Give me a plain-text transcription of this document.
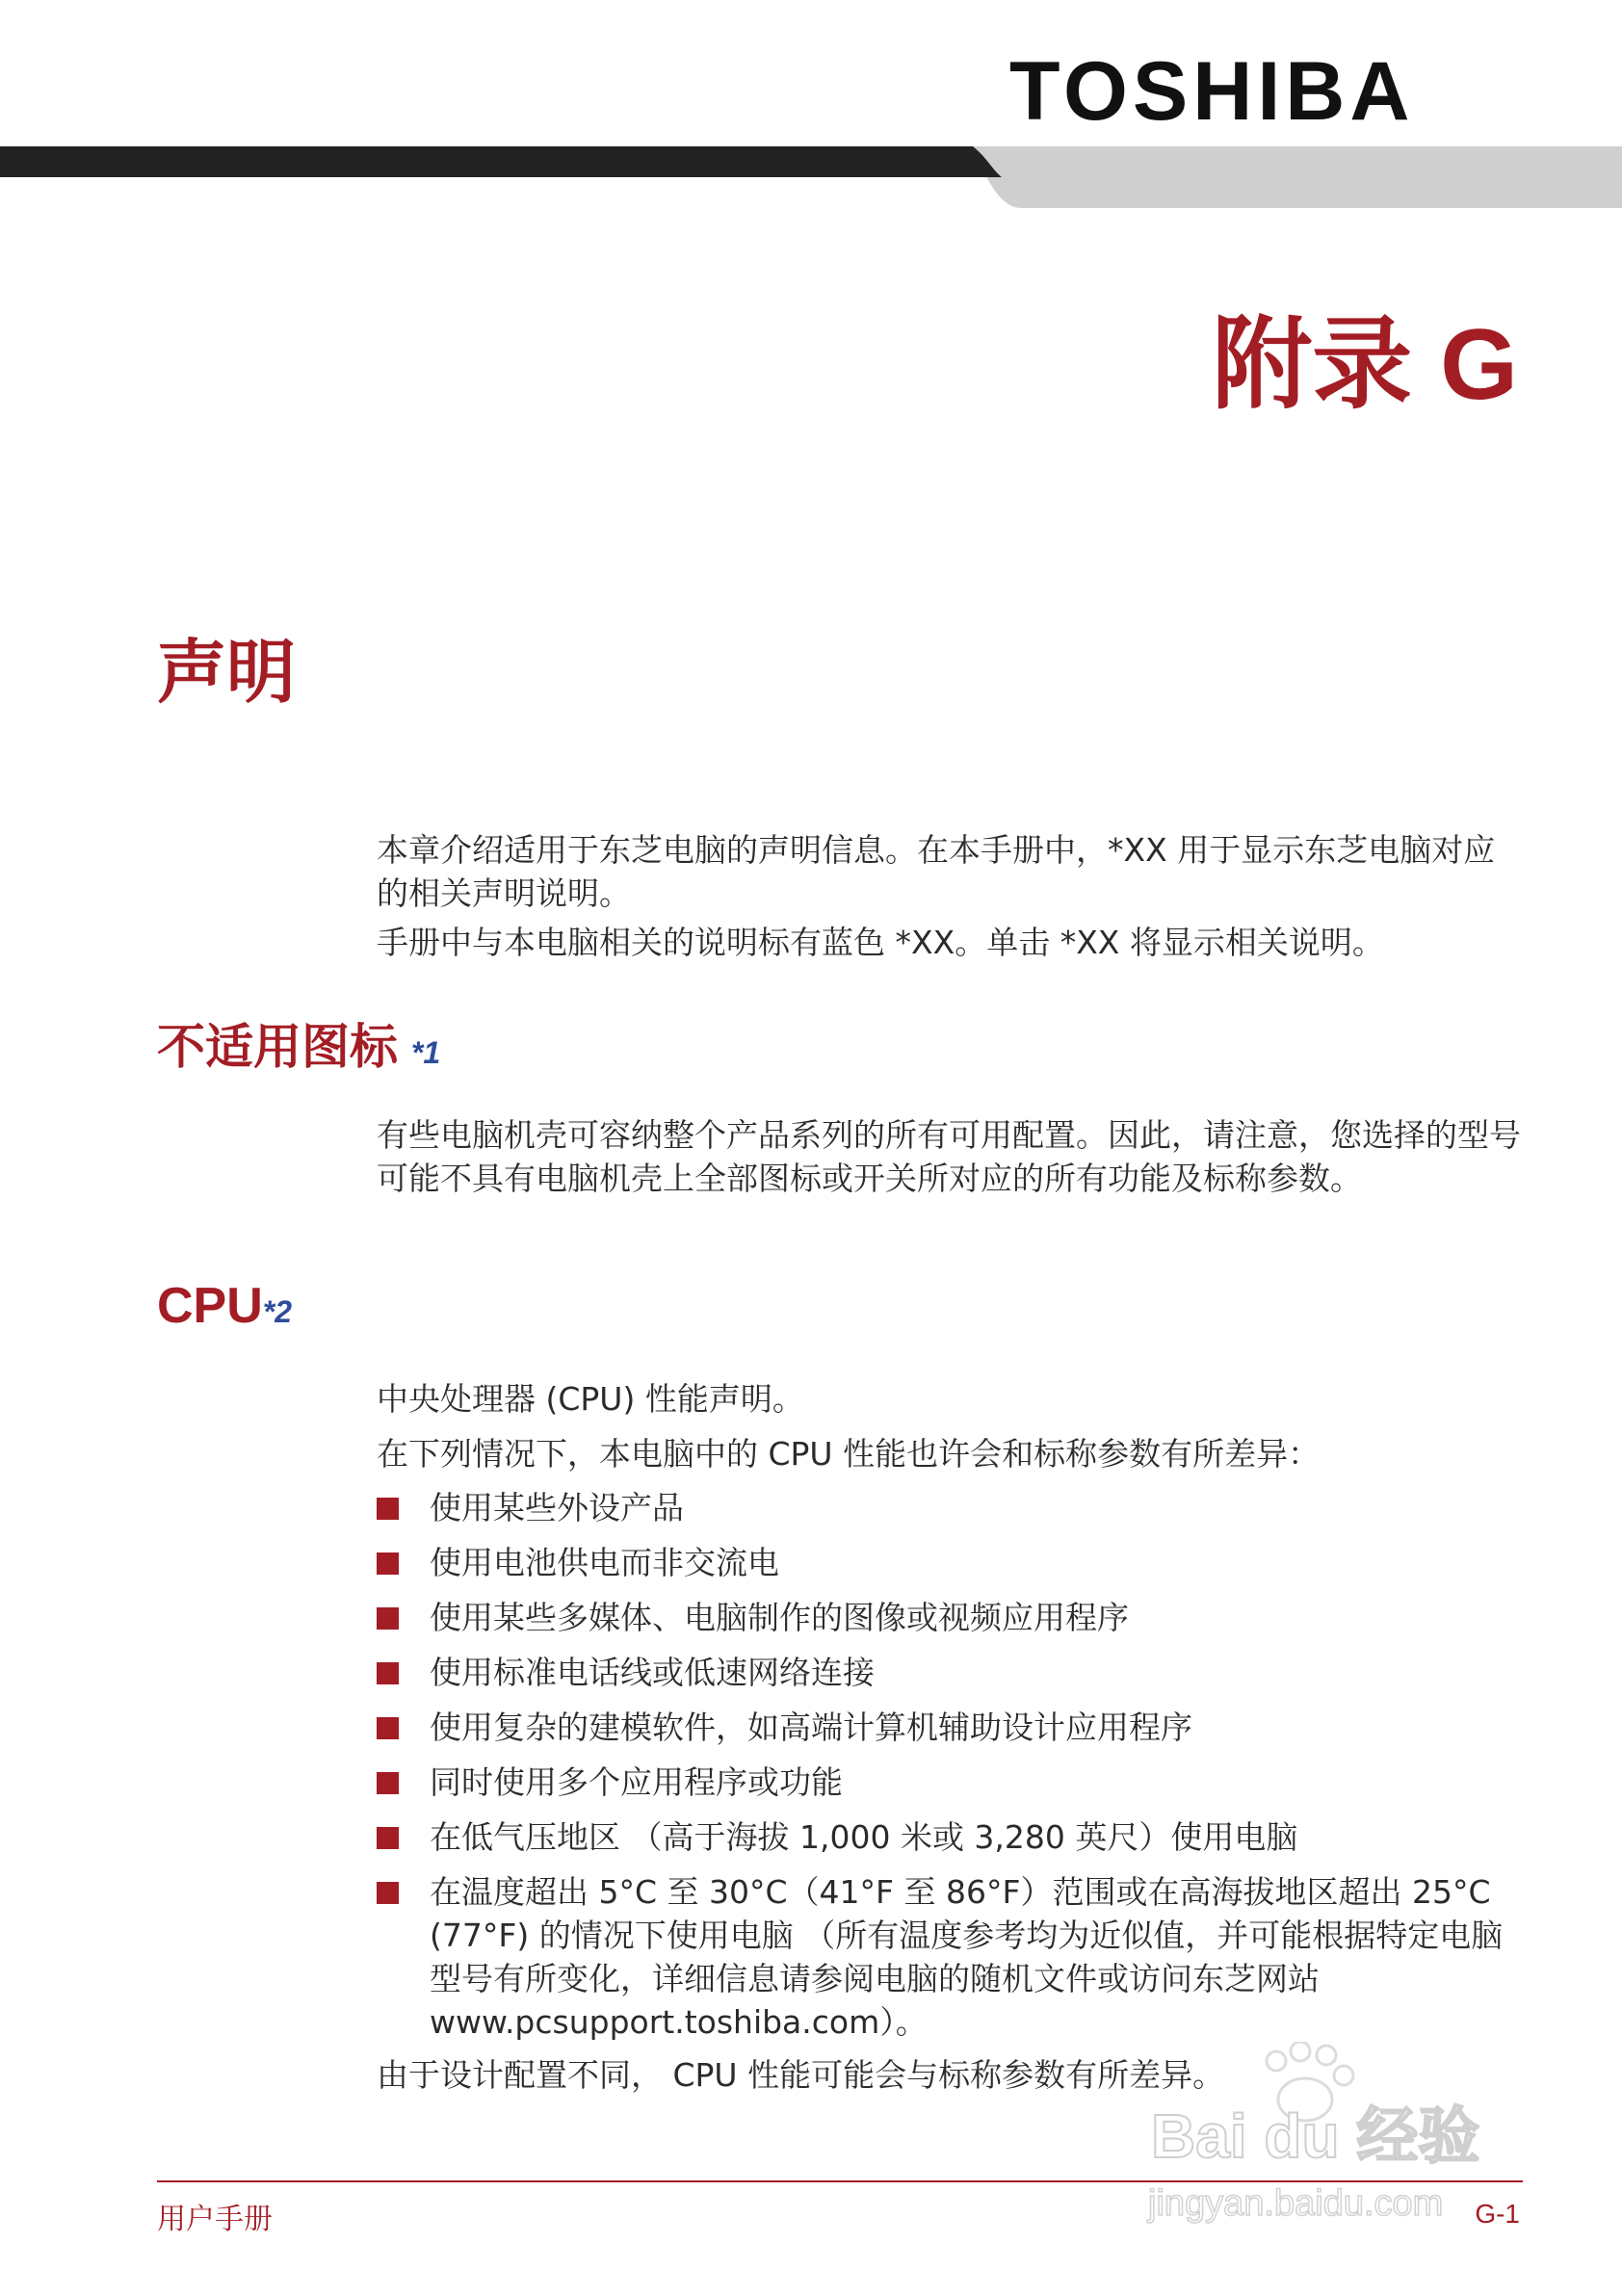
TOSHIBA
附录 G
声明
本章介绍适用于东芝电脑的声明信息。在本手册中，*XX 用于显示东芝电脑对应的相关声明说明。
手册中与本电脑相关的说明标有蓝色 *XX。单击 *XX 将显示相关说明。
不适用图标 *1
有些电脑机壳可容纳整个产品系列的所有可用配置。因此，请注意，您选择的型号可能不具有电脑机壳上全部图标或开关所对应的所有功能及标称参数。
CPU*2
中央处理器 (CPU) 性能声明。
在下列情况下，本电脑中的 CPU 性能也许会和标称参数有所差异：
使用某些外设产品
使用电池供电而非交流电
使用某些多媒体、电脑制作的图像或视频应用程序
使用标准电话线或低速网络连接
使用复杂的建模软件，如高端计算机辅助设计应用程序
同时使用多个应用程序或功能
在低气压地区 （高于海拔 1,000 米或 3,280 英尺）使用电脑
在温度超出 5°C 至 30°C（41°F 至 86°F）范围或在高海拔地区超出 25°C (77°F) 的情况下使用电脑 （所有温度参考均为近似值，并可能根据特定电脑型号有所变化，详细信息请参阅电脑的随机文件或访问东芝网站 www.pcsupport.toshiba.com）。
由于设计配置不同， CPU 性能可能会与标称参数有所差异。
Bai du 经验
jingyan.baidu.com
用户手册	G-1
